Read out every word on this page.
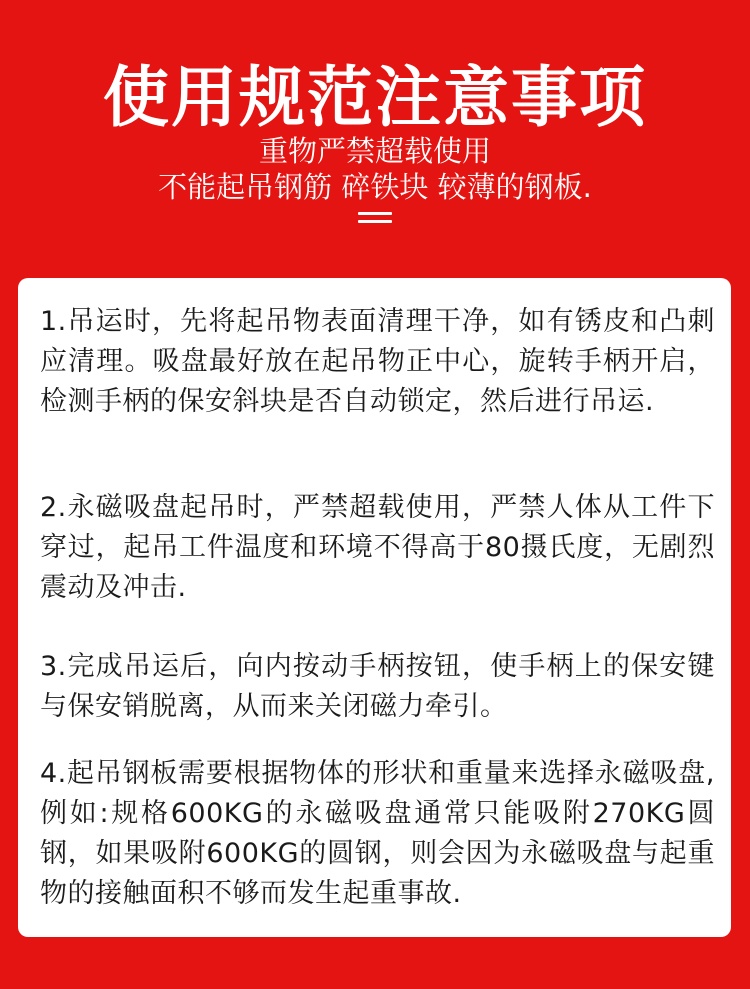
使用规范注意事项
重物严禁超载使用
不能起吊钢筋 碎铁块 较薄的钢板.
1.吊运时，先将起吊物表面清理干净，如有锈皮和凸刺应清理。吸盘最好放在起吊物正中心，旋转手柄开启，检测手柄的保安斜块是否自动锁定，然后进行吊运.
2.永磁吸盘起吊时，严禁超载使用，严禁人体从工件下穿过，起吊工件温度和环境不得高于80摄氏度，无剧烈震动及冲击.
3.完成吊运后，向内按动手柄按钮，使手柄上的保安键与保安销脱离，从而来关闭磁力牵引。
4.起吊钢板需要根据物体的形状和重量来选择永磁吸盘,例如:规格600KG的永磁吸盘通常只能吸附270KG圆钢，如果吸附600KG的圆钢，则会因为永磁吸盘与起重物的接触面积不够而发生起重事故.
